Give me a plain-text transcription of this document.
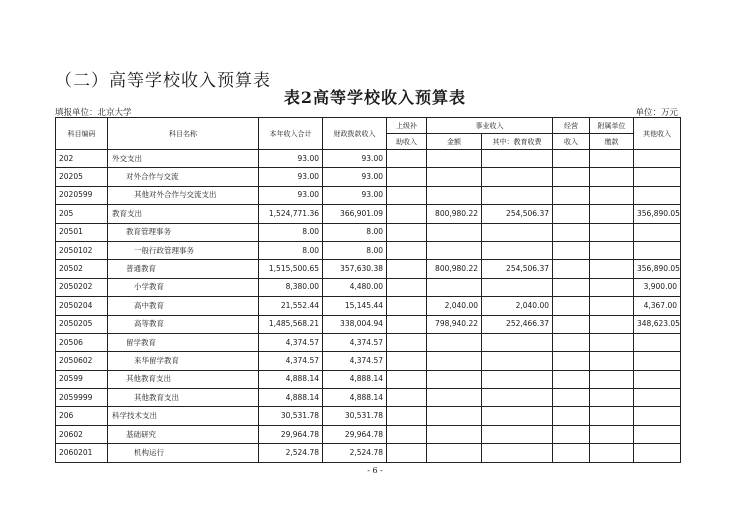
（二）高等学校收入预算表
表2高等学校收入预算表
填报单位：北京大学	单位：万元
科目编码	科目名称	本年收入合计	财政拨款收入	上级补	事业收入		经营	附属单位	其他收入
				助收入	金额	其中：教育收费	收入	缴款	
202	外交支出	93.00	93.00						
20205	对外合作与交流	93.00	93.00						
2020599	其他对外合作与交流支出	93.00	93.00						
205	教育支出	1,524,771.36	366,901.09		800,980.22	254,506.37			356,890.05
20501	教育管理事务	8.00	8.00						
2050102	一般行政管理事务	8.00	8.00						
20502	普通教育	1,515,500.65	357,630.38		800,980.22	254,506.37			356,890.05
2050202	小学教育	8,380.00	4,480.00						3,900.00
2050204	高中教育	21,552.44	15,145.44		2,040.00	2,040.00			4,367.00
2050205	高等教育	1,485,568.21	338,004.94		798,940.22	252,466.37			348,623.05
20506	留学教育	4,374.57	4,374.57						
2050602	来华留学教育	4,374.57	4,374.57						
20599	其他教育支出	4,888.14	4,888.14						
2059999	其他教育支出	4,888.14	4,888.14						
206	科学技术支出	30,531.78	30,531.78						
20602	基础研究	29,964.78	29,964.78						
2060201	机构运行	2,524.78	2,524.78						
- 6 -
